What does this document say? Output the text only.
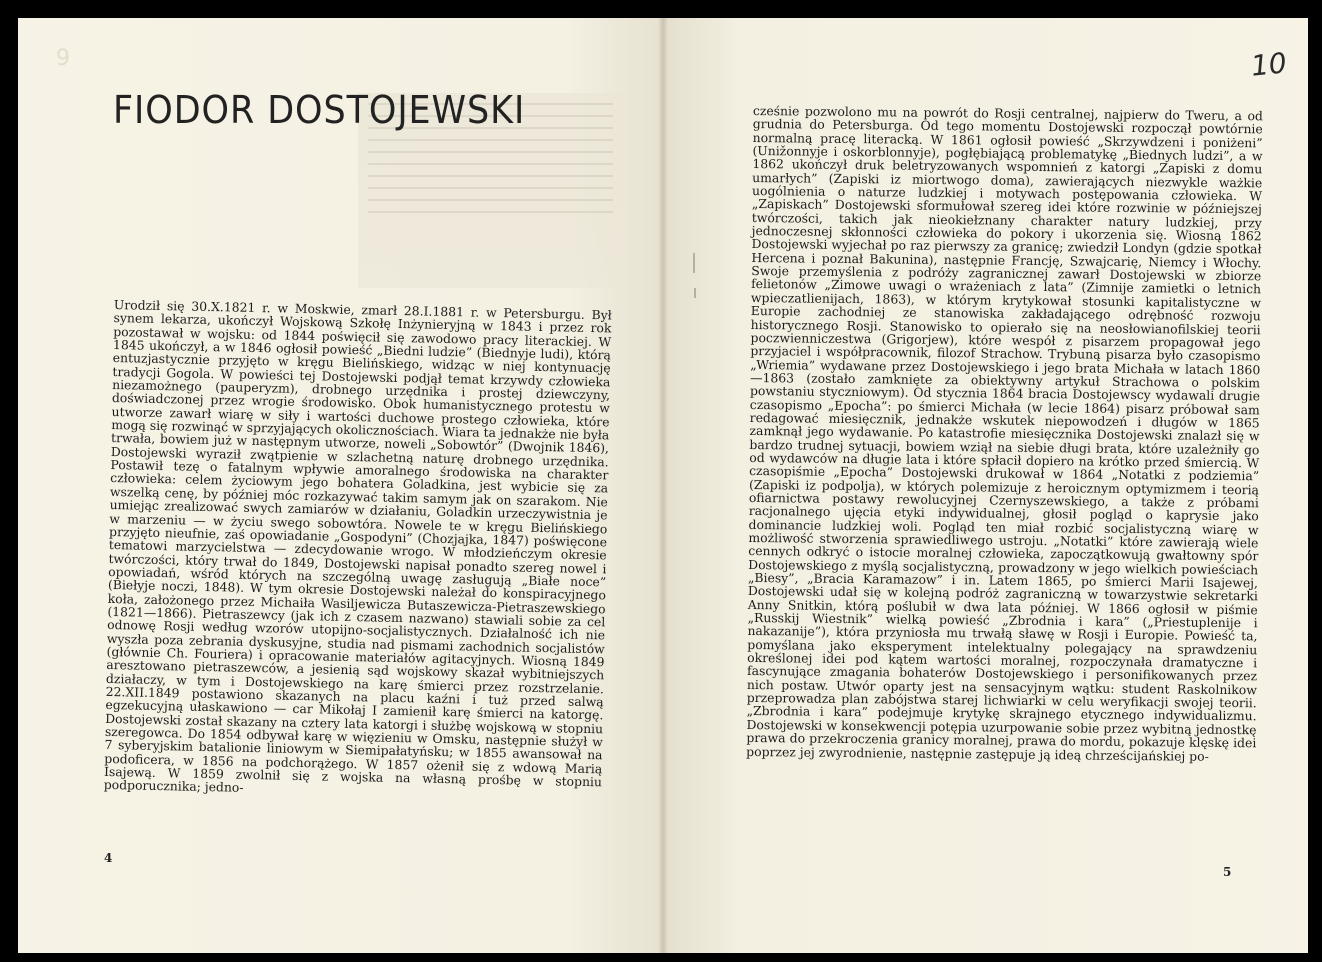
9
FIODOR DOSTOJEWSKI

Urodził się 30.X.1821 r. w Moskwie, zmarł 28.I.1881 r. w Petersburgu. Był synem lekarza, ukończył Wojskową Szkołę Inżynieryjną w 1843 i przez rok pozostawał w wojsku: od 1844 poświęcił się zawodowo pracy literackiej. W 1845 ukończył, a w 1846 ogłosił powieść „Biedni ludzie” (Biednyje ludi), którą entuzjastycznie przyjęto w kręgu Bielińskiego, widząc w niej kontynuację tradycji Gogola. W powieści tej Dostojewski podjął temat krzywdy człowieka niezamożnego (pauperyzm), drobnego urzędnika i prostej dziewczyny, doświadczonej przez wrogie środowisko. Obok humanistycznego protestu w utworze zawarł wiarę w siły i wartości duchowe prostego człowieka, które mogą się rozwinąć w sprzyjających okolicznościach. Wiara ta jednakże nie była trwała, bowiem już w następnym utworze, noweli „Sobowtór” (Dwojnik 1846), Dostojewski wyraził zwątpienie w szlachetną naturę drobnego urzędnika. Postawił tezę o fatalnym wpływie amoralnego środowiska na charakter człowieka: celem życiowym jego bohatera Goladkina, jest wybicie się za wszelką cenę, by później móc rozkazywać takim samym jak on szarakom. Nie umiejąc zrealizować swych zamiarów w działaniu, Goladkin urzeczywistnia je w marzeniu — w życiu swego sobowtóra. Nowele te w kręgu Bielińskiego przyjęto nieufnie, zaś opowiadanie „Gospodyni” (Chozjajka, 1847) poświęcone tematowi marzycielstwa — zdecydowanie wrogo. W młodzieńczym okresie twórczości, który trwał do 1849, Dostojewski napisał ponadto szereg nowel i opowiadań, wśród których na szczególną uwagę zasługują „Białe noce” (Biełyje noczi, 1848). W tym okresie Dostojewski należał do konspiracyjnego koła, założonego przez Michaiła Wasiljewicza Butaszewicza-Pietraszewskiego (1821—1866). Pietraszewcy (jak ich z czasem nazwano) stawiali sobie za cel odnowę Rosji według wzorów utopijno-socjalistycznych. Działalność ich nie wyszła poza zebrania dyskusyjne, studia nad pismami zachodnich socjalistów (głównie Ch. Fouriera) i opracowanie materiałów agitacyjnych. Wiosną 1849 aresztowano pietraszewców, a jesienią sąd wojskowy skazał wybitniejszych działaczy, w tym i Dostojewskiego na karę śmierci przez rozstrzelanie. 22.XII.1849 postawiono skazanych na placu kaźni i tuż przed salwą egzekucyjną ułaskawiono — car Mikołaj I zamienił karę śmierci na katorgę. Dostojewski został skazany na cztery lata katorgi i służbę wojskową w stopniu szeregowca. Do 1854 odbywał karę w więzieniu w Omsku, następnie służył w 7 syberyjskim batalionie liniowym w Siemipałatyńsku; w 1855 awansował na podoficera, w 1856 na podchorążego. W 1857 ożenił się z wdową Marią Isajewą. W 1859 zwolnił się z wojska na własną prośbę w stopniu podporucznika; jedno-

4
10

cześnie pozwolono mu na powrót do Rosji centralnej, najpierw do Tweru, a od grudnia do Petersburga. Od tego momentu Dostojewski rozpoczął powtórnie normalną pracę literacką. W 1861 ogłosił powieść „Skrzywdzeni i poniżeni” (Unižonnyje i oskorblonnyje), pogłębiającą problematykę „Biednych ludzi”, a w 1862 ukończył druk beletryzowanych wspomnień z katorgi „Zapiski z domu umarłych” (Zapiski iz miortwogo doma), zawierających niezwykle ważkie uogólnienia o naturze ludzkiej i motywach postępowania człowieka. W „Zapiskach” Dostojewski sformułował szereg idei które rozwinie w późniejszej twórczości, takich jak nieokiełznany charakter natury ludzkiej, przy jednoczesnej skłonności człowieka do pokory i ukorzenia się. Wiosną 1862 Dostojewski wyjechał po raz pierwszy za granicę; zwiedził Londyn (gdzie spotkał Hercena i poznał Bakunina), następnie Francję, Szwajcarię, Niemcy i Włochy. Swoje przemyślenia z podróży zagranicznej zawarł Dostojewski w zbiorze felietonów „Zimowe uwagi o wrażeniach z lata” (Zimnije zamietki o letnich wpieczatlienijach, 1863), w którym krytykował stosunki kapitalistyczne w Europie zachodniej ze stanowiska zakładającego odrębność rozwoju historycznego Rosji. Stanowisko to opierało się na neosłowianofilskiej teorii poczwienniczestwa (Grigorjew), które wespół z pisarzem propagował jego przyjaciel i współpracownik, filozof Strachow. Trybuną pisarza było czasopismo „Wriemia” wydawane przez Dostojewskiego i jego brata Michała w latach 1860—1863 (zostało zamknięte za obiektywny artykuł Strachowa o polskim powstaniu styczniowym). Od stycznia 1864 bracia Dostojewscy wydawali drugie czasopismo „Epocha”: po śmierci Michała (w lecie 1864) pisarz próbował sam redagować miesięcznik, jednakże wskutek niepowodzeń i długów w 1865 zamknął jego wydawanie. Po katastrofie miesięcznika Dostojewski znalazł się w bardzo trudnej sytuacji, bowiem wziął na siebie długi brata, które uzależniły go od wydawców na długie lata i które spłacił dopiero na krótko przed śmiercią. W czasopiśmie „Epocha” Dostojewski drukował w 1864 „Notatki z podziemia” (Zapiski iz podpolja), w których polemizuje z heroicznym optymizmem i teorią ofiarnictwa postawy rewolucyjnej Czernyszewskiego, a także z próbami racjonalnego ujęcia etyki indywidualnej, głosił pogląd o kaprysie jako dominancie ludzkiej woli. Pogląd ten miał rozbić socjalistyczną wiarę w możliwość stworzenia sprawiedliwego ustroju. „Notatki” które zawierają wiele cennych odkryć o istocie moralnej człowieka, zapoczątkowują gwałtowny spór Dostojewskiego z myślą socjalistyczną, prowadzony w jego wielkich powieściach „Biesy”, „Bracia Karamazow” i in. Latem 1865, po śmierci Marii Isajewej, Dostojewski udał się w kolejną podróż zagraniczną w towarzystwie sekretarki Anny Snitkin, którą poślubił w dwa lata później. W 1866 ogłosił w piśmie „Russkij Wiestnik” wielką powieść „Zbrodnia i kara” („Priestuplenije i nakazanije”), która przyniosła mu trwałą sławę w Rosji i Europie. Powieść ta, pomyślana jako eksperyment intelektualny polegający na sprawdzeniu określonej idei pod kątem wartości moralnej, rozpoczynała dramatyczne i fascynujące zmagania bohaterów Dostojewskiego i personifikowanych przez nich postaw. Utwór oparty jest na sensacyjnym wątku: student Raskolnikow przeprowadza plan zabójstwa starej lichwiarki w celu weryfikacji swojej teorii. „Zbrodnia i kara” podejmuje krytykę skrajnego etycznego indywidualizmu. Dostojewski w konsekwencji potępia uzurpowanie sobie przez wybitną jednostkę prawa do przekroczenia granicy moralnej, prawa do mordu, pokazuje klęskę idei poprzez jej zwyrodnienie, następnie zastępuje ją ideą chrześcijańskiej po-

5
